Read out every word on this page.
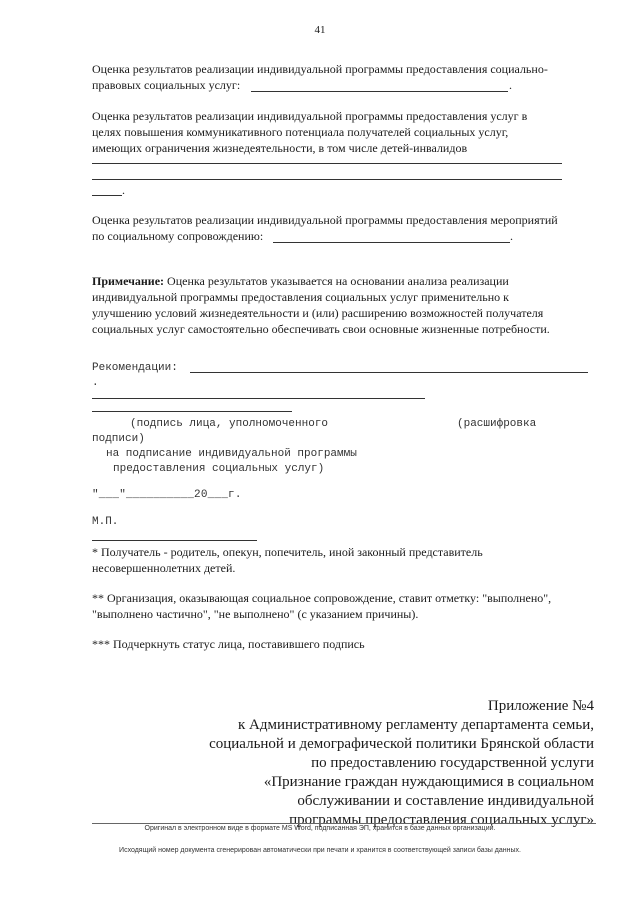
41
Оценка результатов реализации индивидуальной программы предоставления социально-
правовых социальных услуг:	.
Оценка результатов реализации индивидуальной программы предоставления услуг в
целях повышения коммуникативного потенциала получателей социальных услуг,
имеющих ограничения жизнедеятельности, в том числе детей-инвалидов
.
Оценка результатов реализации индивидуальной программы предоставления мероприятий
по социальному сопровождению:	.
Примечание: Оценка результатов указывается на основании анализа реализации
индивидуальной программы предоставления социальных услуг применительно к
улучшению условий жизнедеятельности и (или) расширению возможностей получателя
социальных услуг самостоятельно обеспечивать свои основные жизненные потребности.
Рекомендации:
.
(подпись лица, уполномоченного	(расшифровка
подписи)
на подписание индивидуальной программы
предоставления социальных услуг)
"___"__________20___г.
М.П.
* Получатель - родитель, опекун, попечитель, иной законный представитель
несовершеннолетних детей.
** Организация, оказывающая социальное сопровождение, ставит отметку: "выполнено",
"выполнено частично", "не выполнено" (с указанием причины).
*** Подчеркнуть статус лица, поставившего подпись
Приложение №4
к Административному регламенту департамента семьи,
социальной и демографической политики Брянской области
по предоставлению государственной услуги
«Признание граждан нуждающимися в социальном
обслуживании и составление индивидуальной
программы предоставления социальных услуг»
Оригинал в электронном виде в формате MS Word, подписанная ЭП, хранится в базе данных организации.
Исходящий номер документа сгенерирован автоматически при печати и хранится в соответствующей записи базы данных.
